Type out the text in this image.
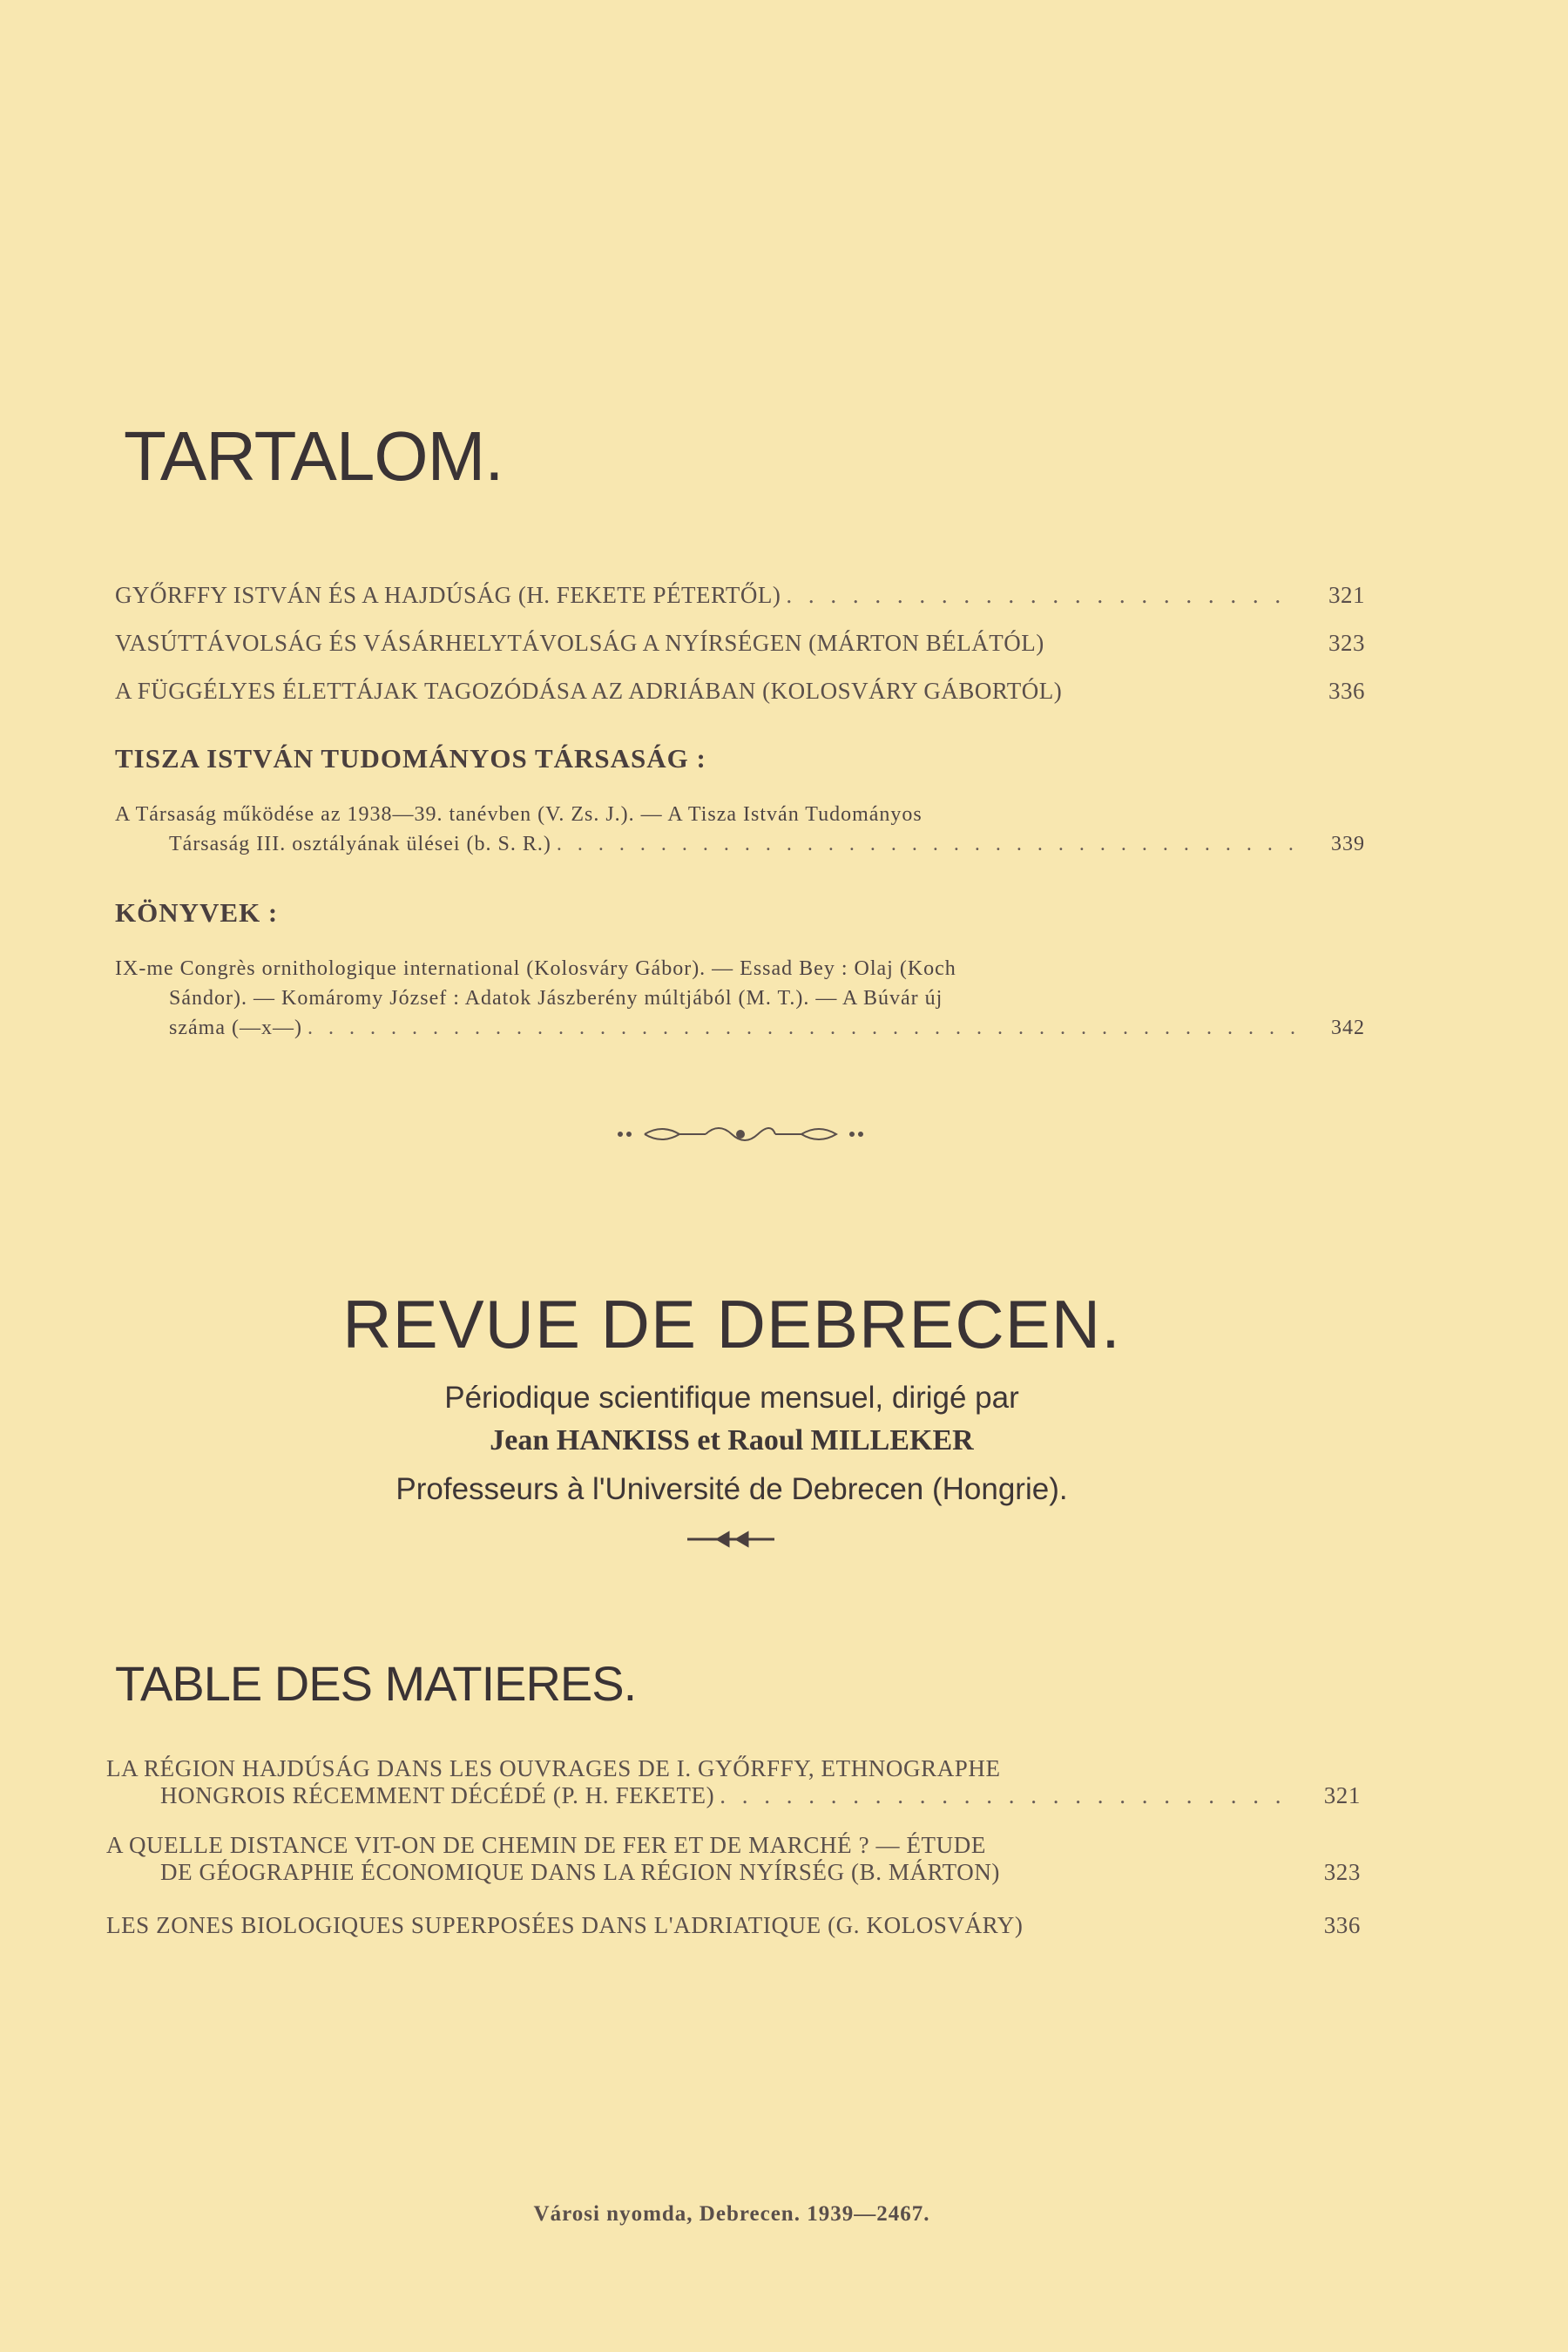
TARTALOM.
GYŐRFFY ISTVÁN ÉS A HAJDÚSÁG (H. FEKETE PÉTERTŐL) . . .	321
VASÚTTÁVOLSÁG ÉS VÁSÁRHELYTÁVOLSÁG A NYÍRSÉGEN (MÁRTON BÉLÁTÓL)	323
A FÜGGÉLYES ÉLETTÁJAK TAGOZÓDÁSA AZ ADRIÁBAN (KOLOSVÁRY GÁBORTÓL)	336
TISZA ISTVÁN TUDOMÁNYOS TÁRSASÁG :
A Társaság működése az 1938—39. tanévben (V. Zs. J.). — A Tisza István Tudományos
Társaság III. osztályának ülései (b. S. R.) . . .	339
KÖNYVEK :
IX-me Congrès ornithologique international (Kolosváry Gábor). — Essad Bey : Olaj (Koch
Sándor). — Komáromy József : Adatok Jászberény múltjából (M. T.). — A Búvár új
száma (—x—) . . .	342
REVUE DE DEBRECEN.
Périodique scientifique mensuel, dirigé par
Jean HANKISS et Raoul MILLEKER
Professeurs à l'Université de Debrecen (Hongrie).
TABLE DES MATIERES.
LA RÉGION HAJDÚSÁG DANS LES OUVRAGES DE I. GYŐRFFY, ETHNOGRAPHE
HONGROIS RÉCEMMENT DÉCÉDÉ (P. H. FEKETE) . . .	321
A QUELLE DISTANCE VIT-ON DE CHEMIN DE FER ET DE MARCHÉ ? — ÉTUDE
DE GÉOGRAPHIE ÉCONOMIQUE DANS LA RÉGION NYÍRSÉG (B. MÁRTON)	323
LES ZONES BIOLOGIQUES SUPERPOSÉES DANS L'ADRIATIQUE (G. KOLOSVÁRY)	336
Városi nyomda, Debrecen. 1939—2467.
